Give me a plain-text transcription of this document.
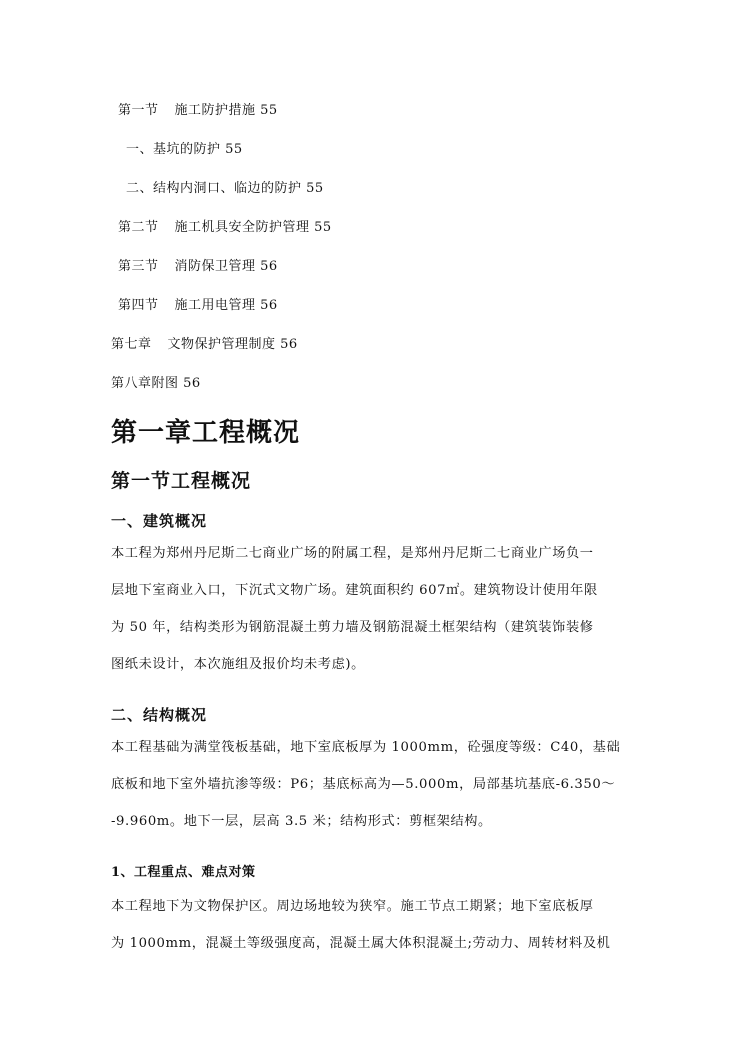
第一节 施工防护措施 55
一、基坑的防护 55
二、结构内洞口、临边的防护 55
第二节 施工机具安全防护管理 55
第三节 消防保卫管理 56
第四节 施工用电管理 56
第七章 文物保护管理制度 56
第八章附图 56
第一章工程概况
第一节工程概况
一、建筑概况
本工程为郑州丹尼斯二七商业广场的附属工程，是郑州丹尼斯二七商业广场负一
层地下室商业入口，下沉式文物广场。建筑面积约 607㎡。建筑物设计使用年限
为 50 年，结构类形为钢筋混凝土剪力墙及钢筋混凝土框架结构（建筑装饰装修
图纸未设计，本次施组及报价均未考虑)。
二、结构概况
本工程基础为满堂筏板基础，地下室底板厚为 1000mm，砼强度等级：C40，基础
底板和地下室外墙抗渗等级：P6；基底标高为—5.000m，局部基坑基底-6.350～
-9.960m。地下一层，层高 3.5 米；结构形式：剪框架结构。
1、工程重点、难点对策
本工程地下为文物保护区。周边场地较为狭窄。施工节点工期紧；地下室底板厚
为 1000mm，混凝土等级强度高，混凝土属大体积混凝土;劳动力、周转材料及机
